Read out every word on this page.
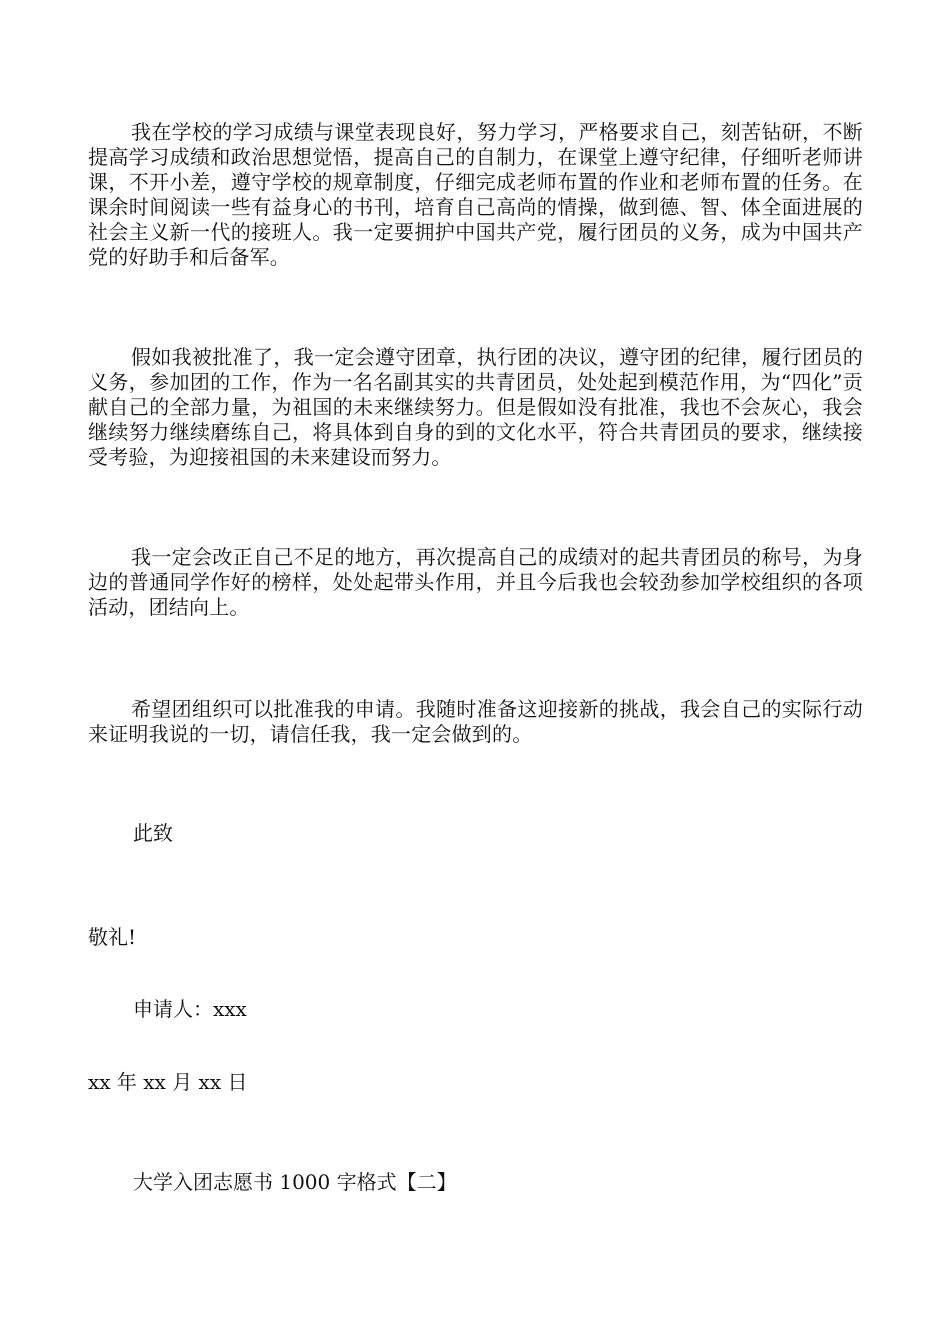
我在学校的学习成绩与课堂表现良好，努力学习，严格要求自己，刻苦钻研，不断提高学习成绩和政治思想觉悟，提高自己的自制力，在课堂上遵守纪律，仔细听老师讲课，不开小差，遵守学校的规章制度，仔细完成老师布置的作业和老师布置的任务。在课余时间阅读一些有益身心的书刊，培育自己高尚的情操，做到德、智、体全面进展的社会主义新一代的接班人。我一定要拥护中国共产党，履行团员的义务，成为中国共产党的好助手和后备军。

假如我被批准了，我一定会遵守团章，执行团的决议，遵守团的纪律，履行团员的义务，参加团的工作，作为一名名副其实的共青团员，处处起到模范作用，为“四化”贡献自己的全部力量，为祖国的未来继续努力。但是假如没有批准，我也不会灰心，我会继续努力继续磨练自己，将具体到自身的到的文化水平，符合共青团员的要求，继续接受考验，为迎接祖国的未来建设而努力。

我一定会改正自己不足的地方，再次提高自己的成绩对的起共青团员的称号，为身边的普通同学作好的榜样，处处起带头作用，并且今后我也会较劲参加学校组织的各项活动，团结向上。

希望团组织可以批准我的申请。我随时准备这迎接新的挑战，我会自己的实际行动来证明我说的一切，请信任我，我一定会做到的。

此致

敬礼!

申请人：xxx

xx 年 xx 月 xx 日

大学入团志愿书 1000 字格式【二】
